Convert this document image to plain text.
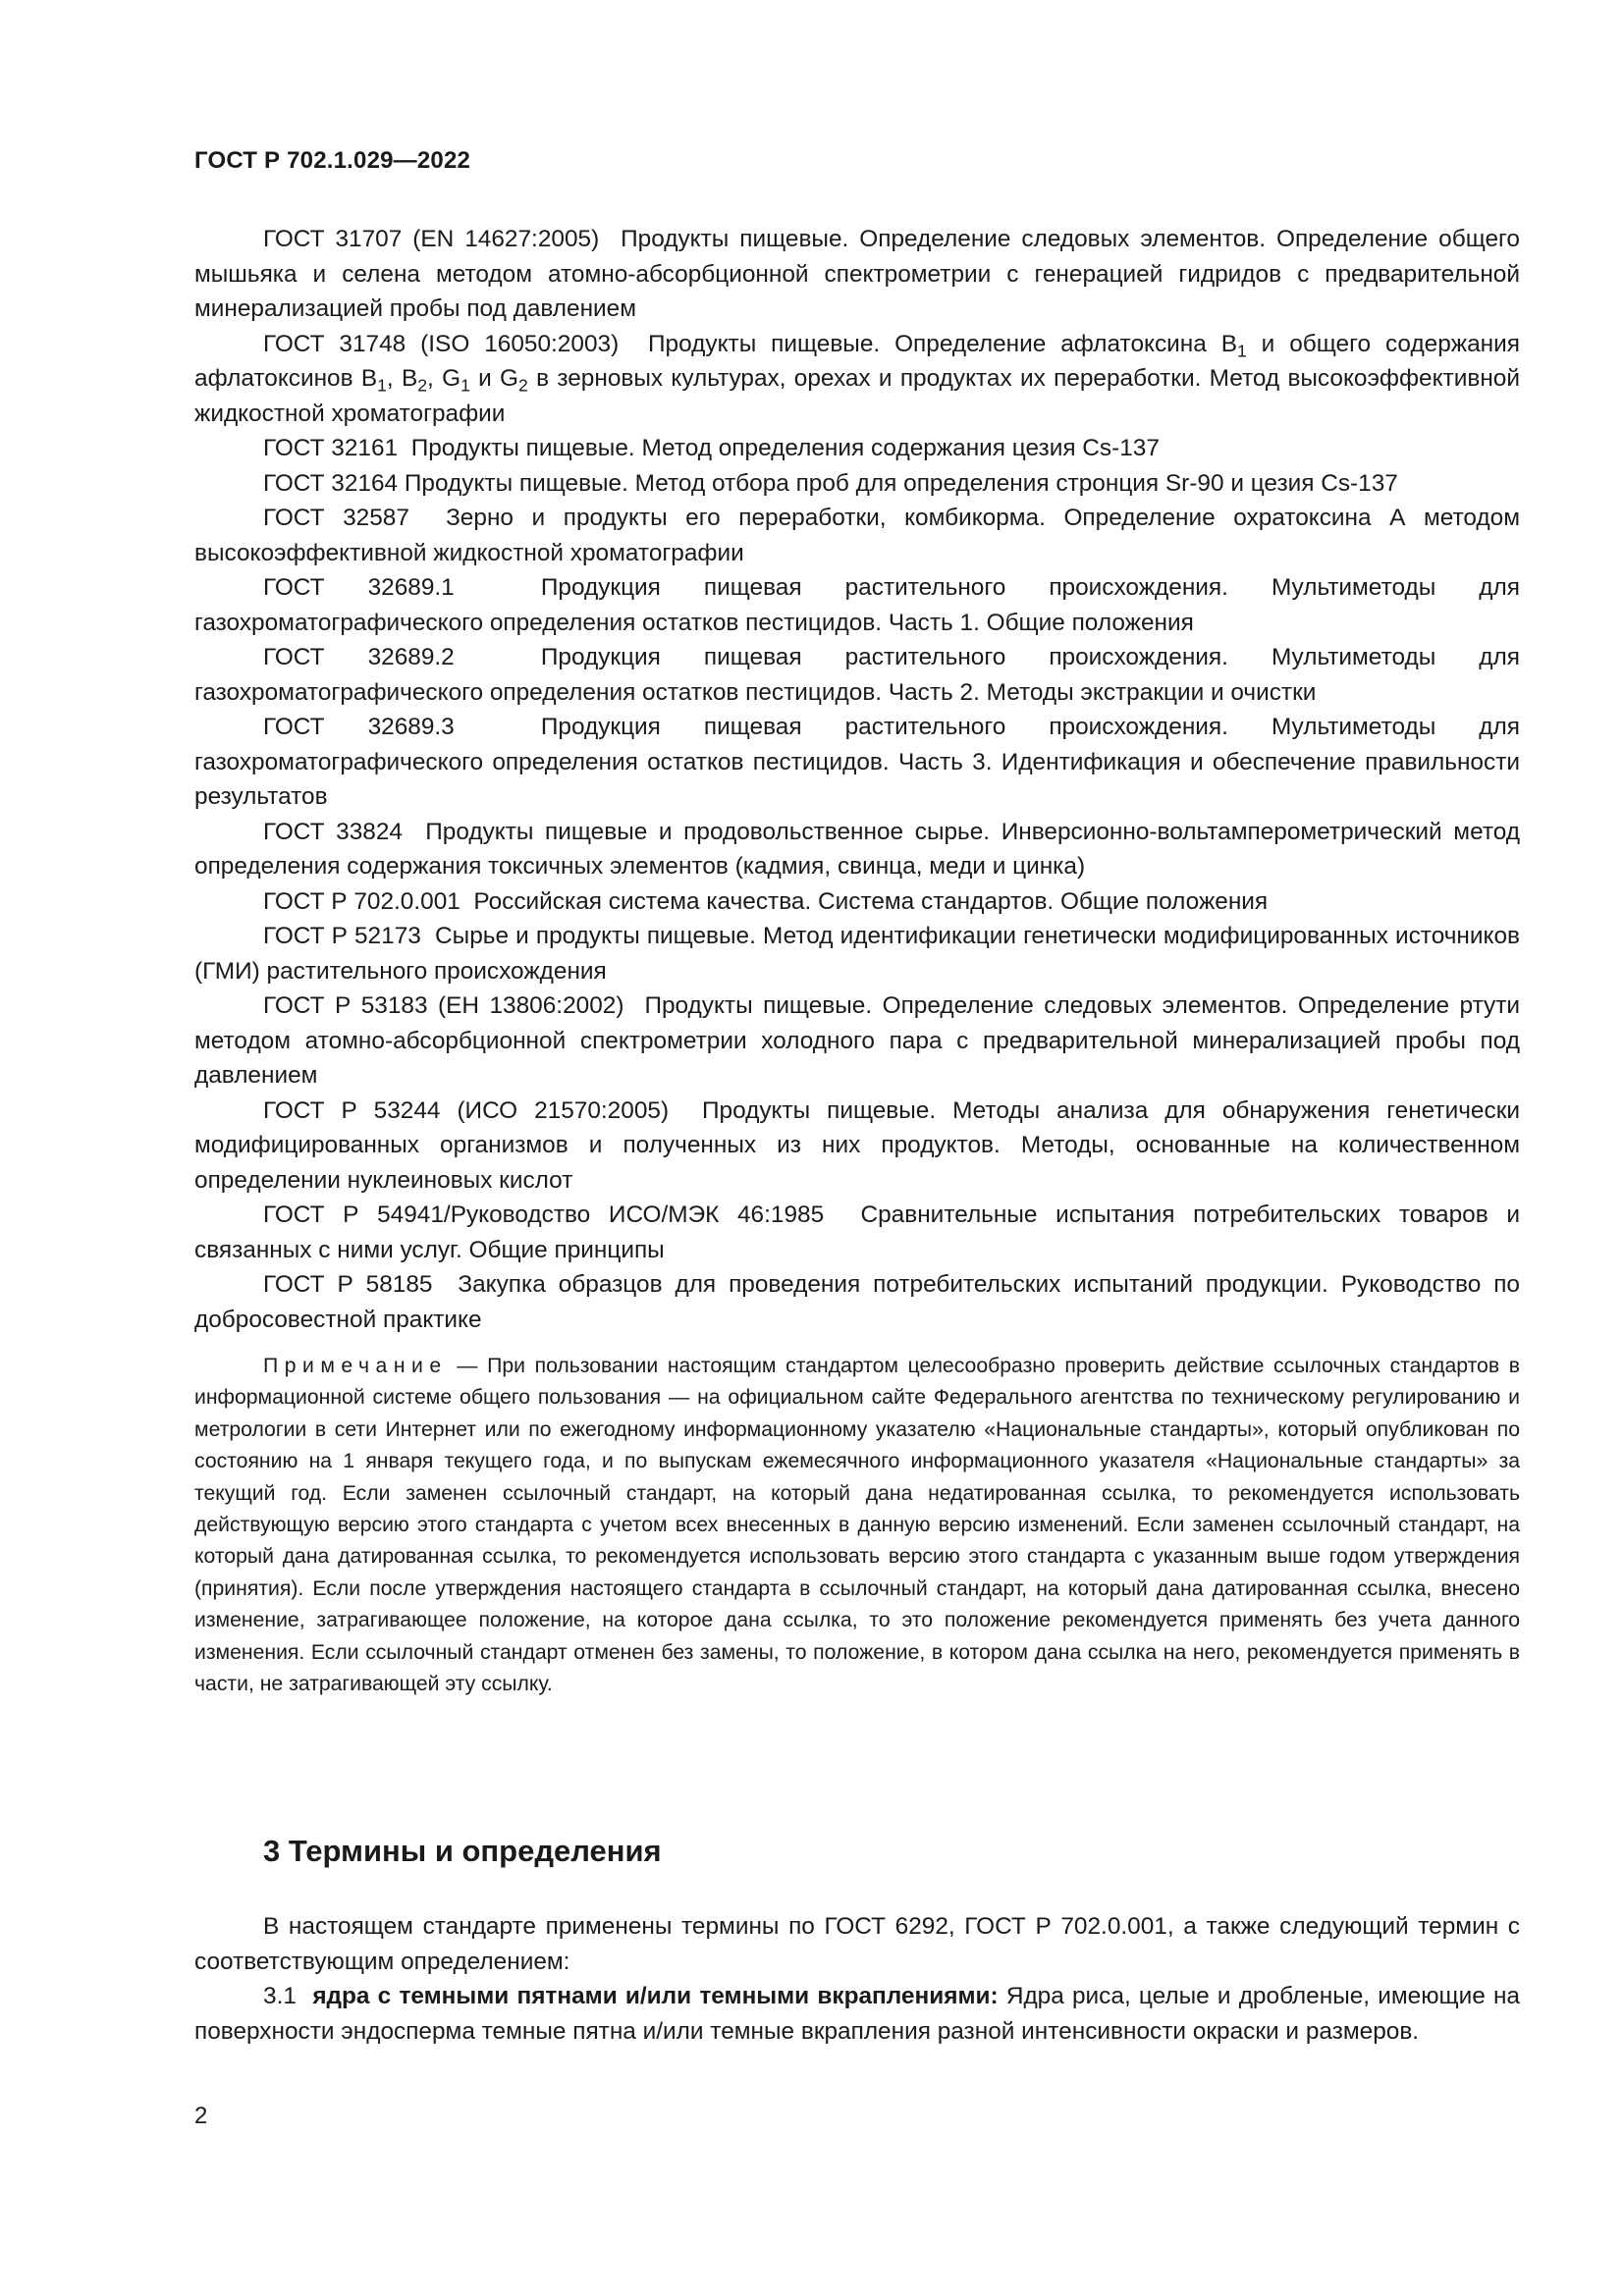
ГОСТ Р 702.1.029—2022

ГОСТ 31707 (EN 14627:2005) Продукты пищевые. Определение следовых элементов. Определение общего мышьяка и селена методом атомно-абсорбционной спектрометрии с генерацией гидридов с предварительной минерализацией пробы под давлением

ГОСТ 31748 (ISO 16050:2003) Продукты пищевые. Определение афлатоксина $B_1$ и общего содержания афлатоксинов $B_1$, $B_2$, $G_1$ и $G_2$ в зерновых культурах, орехах и продуктах их переработки. Метод высокоэффективной жидкостной хроматографии

ГОСТ 32161 Продукты пищевые. Метод определения содержания цезия Cs-137

ГОСТ 32164 Продукты пищевые. Метод отбора проб для определения стронция Sr-90 и цезия Cs-137

ГОСТ 32587 Зерно и продукты его переработки, комбикорма. Определение охратоксина А методом высокоэффективной жидкостной хроматографии

ГОСТ 32689.1	Продукция пищевая растительного происхождения. Мультиметоды для газохроматографического определения остатков пестицидов. Часть 1. Общие положения

ГОСТ 32689.2	Продукция пищевая растительного происхождения. Мультиметоды для газохроматографического определения остатков пестицидов. Часть 2. Методы экстракции и очистки

ГОСТ 32689.3	Продукция пищевая растительного происхождения. Мультиметоды для газохроматографического определения остатков пестицидов. Часть 3. Идентификация и обеспечение правильности результатов

ГОСТ 33824 Продукты пищевые и продовольственное сырье. Инверсионно-вольтамперометрический метод определения содержания токсичных элементов (кадмия, свинца, меди и цинка)

ГОСТ Р 702.0.001 Российская система качества. Система стандартов. Общие положения

ГОСТ Р 52173 Сырье и продукты пищевые. Метод идентификации генетически модифицированных источников (ГМИ) растительного происхождения

ГОСТ Р 53183 (ЕН 13806:2002) Продукты пищевые. Определение следовых элементов. Определение ртути методом атомно-абсорбционной спектрометрии холодного пара с предварительной минерализацией пробы под давлением

ГОСТ Р 53244 (ИСО 21570:2005) Продукты пищевые. Методы анализа для обнаружения генетически модифицированных организмов и полученных из них продуктов. Методы, основанные на количественном определении нуклеиновых кислот

ГОСТ Р 54941/Руководство ИСО/МЭК 46:1985 Сравнительные испытания потребительских товаров и связанных с ними услуг. Общие принципы

ГОСТ Р 58185 Закупка образцов для проведения потребительских испытаний продукции. Руководство по добросовестной практике

Примечание — При пользовании настоящим стандартом целесообразно проверить действие ссылочных стандартов в информационной системе общего пользования — на официальном сайте Федерального агентства по техническому регулированию и метрологии в сети Интернет или по ежегодному информационному указателю «Национальные стандарты», который опубликован по состоянию на 1 января текущего года, и по выпускам ежемесячного информационного указателя «Национальные стандарты» за текущий год. Если заменен ссылочный стандарт, на который дана недатированная ссылка, то рекомендуется использовать действующую версию этого стандарта с учетом всех внесенных в данную версию изменений. Если заменен ссылочный стандарт, на который дана датированная ссылка, то рекомендуется использовать версию этого стандарта с указанным выше годом утверждения (принятия). Если после утверждения настоящего стандарта в ссылочный стандарт, на который дана датированная ссылка, внесено изменение, затрагивающее положение, на которое дана ссылка, то это положение рекомендуется применять без учета данного изменения. Если ссылочный стандарт отменен без замены, то положение, в котором дана ссылка на него, рекомендуется применять в части, не затрагивающей эту ссылку.

3 Термины и определения

В настоящем стандарте применены термины по ГОСТ 6292, ГОСТ Р 702.0.001, а также следующий термин с соответствующим определением:

3.1 ядра с темными пятнами и/или темными вкраплениями: Ядра риса, целые и дробленые, имеющие на поверхности эндосперма темные пятна и/или темные вкрапления разной интенсивности окраски и размеров.

2
